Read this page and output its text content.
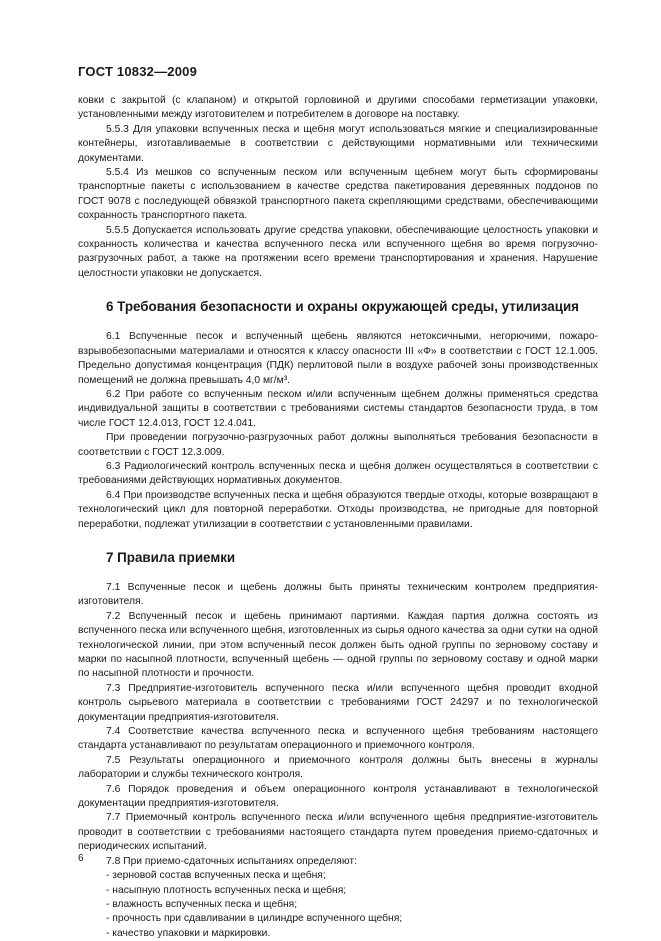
ГОСТ 10832—2009

ковки с закрытой (с клапаном) и открытой горловиной и другими способами герметизации упаковки, установленными между изготовителем и потребителем в договоре на поставку.

5.5.3 Для упаковки вспученных песка и щебня могут использоваться мягкие и специализированные контейнеры, изготавливаемые в соответствии с действующими нормативными или техническими документами.

5.5.4 Из мешков со вспученным песком или вспученным щебнем могут быть сформированы транспортные пакеты с использованием в качестве средства пакетирования деревянных поддонов по ГОСТ 9078 с последующей обвязкой транспортного пакета скрепляющими средствами, обеспечивающими сохранность транспортного пакета.

5.5.5 Допускается использовать другие средства упаковки, обеспечивающие целостность упаковки и сохранность количества и качества вспученного песка или вспученного щебня во время погрузочно-разгрузочных работ, а также на протяжении всего времени транспортирования и хранения. Нарушение целостности упаковки не допускается.

6 Требования безопасности и охраны окружающей среды, утилизация

6.1 Вспученные песок и вспученный щебень являются нетоксичными, негорючими, пожаро-взрывобезопасными материалами и относятся к классу опасности III «Ф» в соответствии с ГОСТ 12.1.005. Предельно допустимая концентрация (ПДК) перлитовой пыли в воздухе рабочей зоны производственных помещений не должна превышать 4,0 мг/м³.

6.2 При работе со вспученным песком и/или вспученным щебнем должны применяться средства индивидуальной защиты в соответствии с требованиями системы стандартов безопасности труда, в том числе ГОСТ 12.4.013, ГОСТ 12.4.041.

При проведении погрузочно-разгрузочных работ должны выполняться требования безопасности в соответствии с ГОСТ 12.3.009.

6.3 Радиологический контроль вспученных песка и щебня должен осуществляться в соответствии с требованиями действующих нормативных документов.

6.4 При производстве вспученных песка и щебня образуются твердые отходы, которые возвращают в технологический цикл для повторной переработки. Отходы производства, не пригодные для повторной переработки, подлежат утилизации в соответствии с установленными правилами.

7 Правила приемки

7.1 Вспученные песок и щебень должны быть приняты техническим контролем предприятия-изготовителя.

7.2 Вспученный песок и щебень принимают партиями. Каждая партия должна состоять из вспученного песка или вспученного щебня, изготовленных из сырья одного качества за одни сутки на одной технологической линии, при этом вспученный песок должен быть одной группы по зерновому составу и марки по насыпной плотности, вспученный щебень — одной группы по зерновому составу и одной марки по насыпной плотности и прочности.

7.3 Предприятие-изготовитель вспученного песка и/или вспученного щебня проводит входной контроль сырьевого материала в соответствии с требованиями ГОСТ 24297 и по технологической документации предприятия-изготовителя.

7.4 Соответствие качества вспученного песка и вспученного щебня требованиям настоящего стандарта устанавливают по результатам операционного и приемочного контроля.

7.5 Результаты операционного и приемочного контроля должны быть внесены в журналы лаборатории и службы технического контроля.

7.6 Порядок проведения и объем операционного контроля устанавливают в технологической документации предприятия-изготовителя.

7.7 Приемочный контроль вспученного песка и/или вспученного щебня предприятие-изготовитель проводит в соответствии с требованиями настоящего стандарта путем проведения приемо-сдаточных и периодических испытаний.

7.8 При приемо-сдаточных испытаниях определяют:

- зерновой состав вспученных песка и щебня;

- насыпную плотность вспученных песка и щебня;

- влажность вспученных песка и щебня;

- прочность при сдавливании в цилиндре вспученного щебня;

- качество упаковки и маркировки.

6
